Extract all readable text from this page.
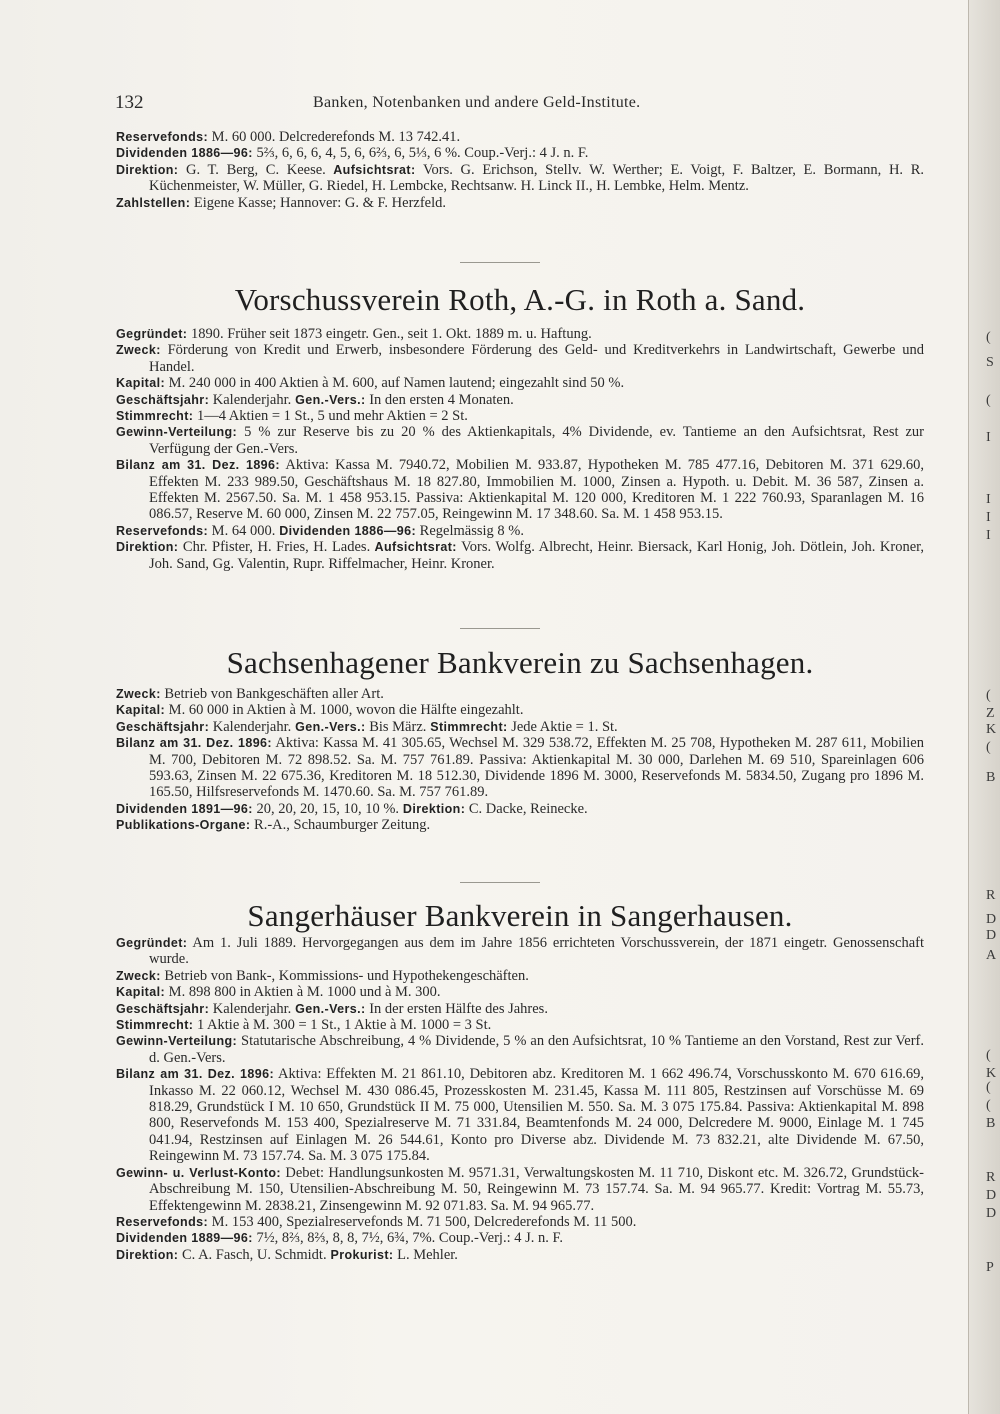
(
S
(
I
I
I
I
(
Z
K
(
B
R
D
D
A
(
K
(
(
B
R
D
D
P
132	Banken, Notenbanken und andere Geld-Institute.

Reservefonds: M. 60 000. Delcrederefonds M. 13 742.41.

Dividenden 1886—96: 5⅔, 6, 6, 6, 4, 5, 6, 6⅔, 6, 5⅓, 6 %. Coup.-Verj.: 4 J. n. F.

Direktion: G. T. Berg, C. Keese. Aufsichtsrat: Vors. G. Erichson, Stellv. W. Werther; E. Voigt, F. Baltzer, E. Bormann, H. R. Küchenmeister, W. Müller, G. Riedel, H. Lembcke, Rechtsanw. H. Linck II., H. Lembke, Helm. Mentz.

Zahlstellen: Eigene Kasse; Hannover: G. & F. Herzfeld.

Vorschussverein Roth, A.-G. in Roth a. Sand.

Gegründet: 1890. Früher seit 1873 eingetr. Gen., seit 1. Okt. 1889 m. u. Haftung.

Zweck: Förderung von Kredit und Erwerb, insbesondere Förderung des Geld- und Kreditverkehrs in Landwirtschaft, Gewerbe und Handel.

Kapital: M. 240 000 in 400 Aktien à M. 600, auf Namen lautend; eingezahlt sind 50 %.

Geschäftsjahr: Kalenderjahr. Gen.-Vers.: In den ersten 4 Monaten.

Stimmrecht: 1—4 Aktien = 1 St., 5 und mehr Aktien = 2 St.

Gewinn-Verteilung: 5 % zur Reserve bis zu 20 % des Aktienkapitals, 4% Dividende, ev. Tantieme an den Aufsichtsrat, Rest zur Verfügung der Gen.-Vers.

Bilanz am 31. Dez. 1896: Aktiva: Kassa M. 7940.72, Mobilien M. 933.87, Hypotheken M. 785 477.16, Debitoren M. 371 629.60, Effekten M. 233 989.50, Geschäftshaus M. 18 827.80, Immobilien M. 1000, Zinsen a. Hypoth. u. Debit. M. 36 587, Zinsen a. Effekten M. 2567.50. Sa. M. 1 458 953.15. Passiva: Aktienkapital M. 120 000, Kreditoren M. 1 222 760.93, Sparanlagen M. 16 086.57, Reserve M. 60 000, Zinsen M. 22 757.05, Reingewinn M. 17 348.60. Sa. M. 1 458 953.15.

Reservefonds: M. 64 000. Dividenden 1886—96: Regelmässig 8 %.

Direktion: Chr. Pfister, H. Fries, H. Lades. Aufsichtsrat: Vors. Wolfg. Albrecht, Heinr. Biersack, Karl Honig, Joh. Dötlein, Joh. Kroner, Joh. Sand, Gg. Valentin, Rupr. Riffelmacher, Heinr. Kroner.

Sachsenhagener Bankverein zu Sachsenhagen.

Zweck: Betrieb von Bankgeschäften aller Art.

Kapital: M. 60 000 in Aktien à M. 1000, wovon die Hälfte eingezahlt.

Geschäftsjahr: Kalenderjahr. Gen.-Vers.: Bis März. Stimmrecht: Jede Aktie = 1. St.

Bilanz am 31. Dez. 1896: Aktiva: Kassa M. 41 305.65, Wechsel M. 329 538.72, Effekten M. 25 708, Hypotheken M. 287 611, Mobilien M. 700, Debitoren M. 72 898.52. Sa. M. 757 761.89. Passiva: Aktienkapital M. 30 000, Darlehen M. 69 510, Spareinlagen 606 593.63, Zinsen M. 22 675.36, Kreditoren M. 18 512.30, Dividende 1896 M. 3000, Reservefonds M. 5834.50, Zugang pro 1896 M. 165.50, Hilfsreservefonds M. 1470.60. Sa. M. 757 761.89.

Dividenden 1891—96: 20, 20, 20, 15, 10, 10 %. Direktion: C. Dacke, Reinecke.

Publikations-Organe: R.-A., Schaumburger Zeitung.

Sangerhäuser Bankverein in Sangerhausen.

Gegründet: Am 1. Juli 1889. Hervorgegangen aus dem im Jahre 1856 errichteten Vorschussverein, der 1871 eingetr. Genossenschaft wurde.

Zweck: Betrieb von Bank-, Kommissions- und Hypothekengeschäften.

Kapital: M. 898 800 in Aktien à M. 1000 und à M. 300.

Geschäftsjahr: Kalenderjahr. Gen.-Vers.: In der ersten Hälfte des Jahres.

Stimmrecht: 1 Aktie à M. 300 = 1 St., 1 Aktie à M. 1000 = 3 St.

Gewinn-Verteilung: Statutarische Abschreibung, 4 % Dividende, 5 % an den Aufsichtsrat, 10 % Tantieme an den Vorstand, Rest zur Verf. d. Gen.-Vers.

Bilanz am 31. Dez. 1896: Aktiva: Effekten M. 21 861.10, Debitoren abz. Kreditoren M. 1 662 496.74, Vorschusskonto M. 670 616.69, Inkasso M. 22 060.12, Wechsel M. 430 086.45, Prozesskosten M. 231.45, Kassa M. 111 805, Restzinsen auf Vorschüsse M. 69 818.29, Grundstück I M. 10 650, Grundstück II M. 75 000, Utensilien M. 550. Sa. M. 3 075 175.84. Passiva: Aktienkapital M. 898 800, Reservefonds M. 153 400, Spezialreserve M. 71 331.84, Beamtenfonds M. 24 000, Delcredere M. 9000, Einlage M. 1 745 041.94, Restzinsen auf Einlagen M. 26 544.61, Konto pro Diverse abz. Dividende M. 73 832.21, alte Dividende M. 67.50, Reingewinn M. 73 157.74. Sa. M. 3 075 175.84.

Gewinn- u. Verlust-Konto: Debet: Handlungsunkosten M. 9571.31, Verwaltungskosten M. 11 710, Diskont etc. M. 326.72, Grundstück-Abschreibung M. 150, Utensilien-Abschreibung M. 50, Reingewinn M. 73 157.74. Sa. M. 94 965.77. Kredit: Vortrag M. 55.73, Effektengewinn M. 2838.21, Zinsengewinn M. 92 071.83. Sa. M. 94 965.77.

Reservefonds: M. 153 400, Spezialreservefonds M. 71 500, Delcrederefonds M. 11 500.

Dividenden 1889—96: 7½, 8⅔, 8⅔, 8, 8, 7½, 6¾, 7%. Coup.-Verj.: 4 J. n. F.

Direktion: C. A. Fasch, U. Schmidt. Prokurist: L. Mehler.
